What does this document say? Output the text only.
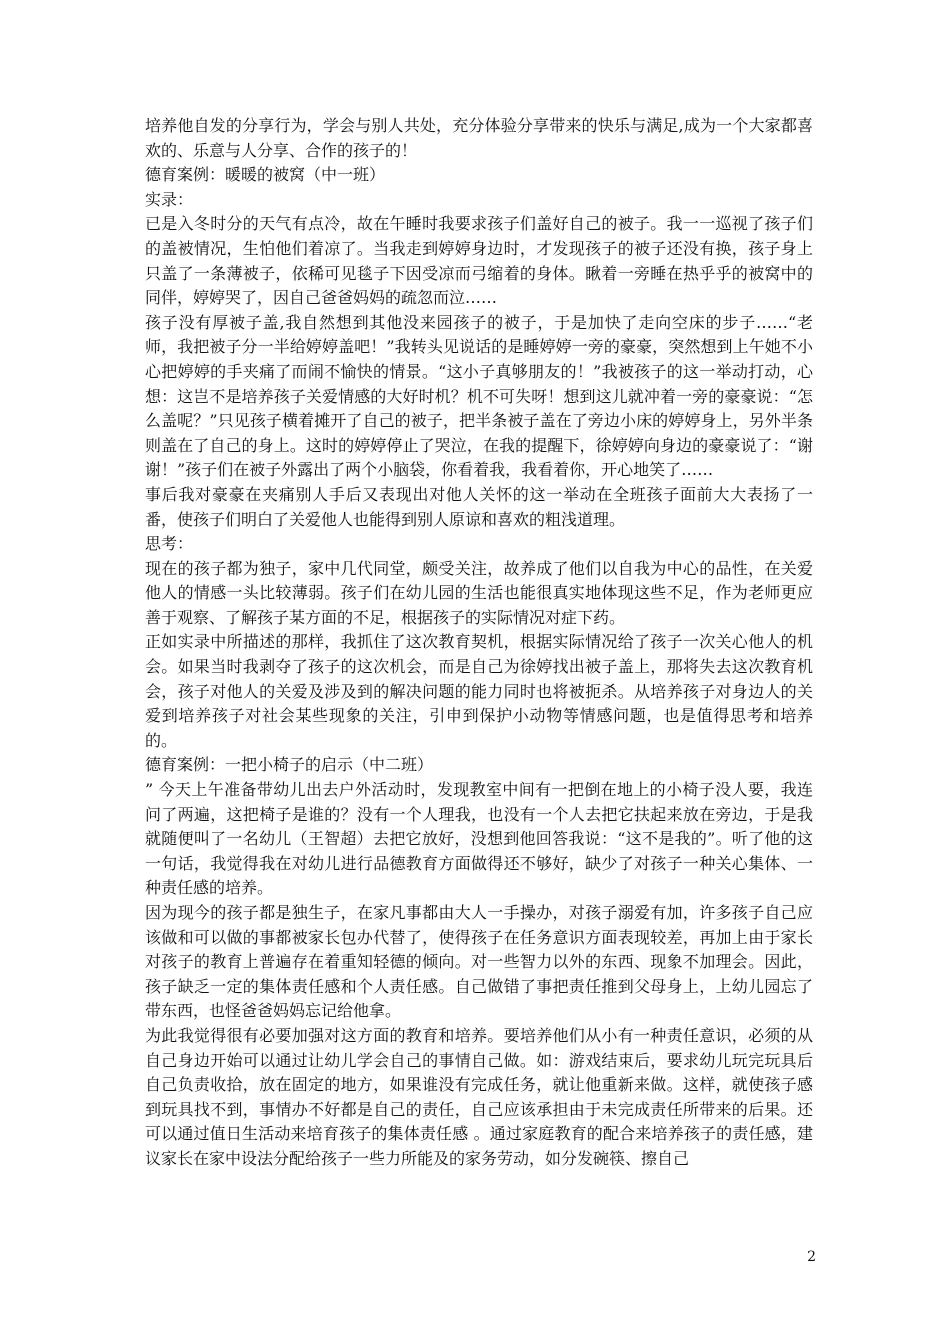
培养他自发的分享行为，学会与别人共处，充分体验分享带来的快乐与满足,成为一个大家都喜欢的、乐意与人分享、合作的孩子的！

德育案例：暖暖的被窝（中一班）

实录：

已是入冬时分的天气有点冷，故在午睡时我要求孩子们盖好自己的被子。我一一巡视了孩子们的盖被情况，生怕他们着凉了。当我走到婷婷身边时，才发现孩子的被子还没有换，孩子身上只盖了一条薄被子，依稀可见毯子下因受凉而弓缩着的身体。瞅着一旁睡在热乎乎的被窝中的同伴，婷婷哭了，因自己爸爸妈妈的疏忽而泣……

孩子没有厚被子盖,我自然想到其他没来园孩子的被子，于是加快了走向空床的步子……“老师，我把被子分一半给婷婷盖吧！”我转头见说话的是睡婷婷一旁的豪豪，突然想到上午她不小心把婷婷的手夹痛了而闹不愉快的情景。“这小子真够朋友的！”我被孩子的这一举动打动，心想：这岂不是培养孩子关爱情感的大好时机？机不可失呀！想到这儿就冲着一旁的豪豪说：“怎么盖呢？”只见孩子横着摊开了自己的被子，把半条被子盖在了旁边小床的婷婷身上，另外半条则盖在了自己的身上。这时的婷婷停止了哭泣，在我的提醒下，徐婷婷向身边的豪豪说了：“谢谢！”孩子们在被子外露出了两个小脑袋，你看着我，我看着你，开心地笑了……

事后我对豪豪在夹痛别人手后又表现出对他人关怀的这一举动在全班孩子面前大大表扬了一番，使孩子们明白了关爱他人也能得到别人原谅和喜欢的粗浅道理。

思考：

现在的孩子都为独子，家中几代同堂，颇受关注，故养成了他们以自我为中心的品性，在关爱他人的情感一头比较薄弱。孩子们在幼儿园的生活也能很真实地体现这些不足，作为老师更应善于观察、了解孩子某方面的不足，根据孩子的实际情况对症下药。

正如实录中所描述的那样，我抓住了这次教育契机，根据实际情况给了孩子一次关心他人的机会。如果当时我剥夺了孩子的这次机会，而是自己为徐婷找出被子盖上，那将失去这次教育机会，孩子对他人的关爱及涉及到的解决问题的能力同时也将被扼杀。从培养孩子对身边人的关爱到培养孩子对社会某些现象的关注，引申到保护小动物等情感问题，也是值得思考和培养的。

德育案例：一把小椅子的启示（中二班）

” 今天上午准备带幼儿出去户外活动时，发现教室中间有一把倒在地上的小椅子没人要，我连问了两遍，这把椅子是谁的？没有一个人理我，也没有一个人去把它扶起来放在旁边，于是我就随便叫了一名幼儿（王智超）去把它放好，没想到他回答我说：“这不是我的”。听了他的这一句话，我觉得我在对幼儿进行品德教育方面做得还不够好，缺少了对孩子一种关心集体、一种责任感的培养。

因为现今的孩子都是独生子，在家凡事都由大人一手操办，对孩子溺爱有加，许多孩子自己应该做和可以做的事都被家长包办代替了，使得孩子在任务意识方面表现较差，再加上由于家长对孩子的教育上普遍存在着重知轻德的倾向。对一些智力以外的东西、现象不加理会。因此，孩子缺乏一定的集体责任感和个人责任感。自己做错了事把责任推到父母身上，上幼儿园忘了带东西，也怪爸爸妈妈忘记给他拿。

为此我觉得很有必要加强对这方面的教育和培养。要培养他们从小有一种责任意识，必须的从自己身边开始可以通过让幼儿学会自己的事情自己做。如：游戏结束后，要求幼儿玩完玩具后自己负责收拾，放在固定的地方，如果谁没有完成任务，就让他重新来做。这样，就使孩子感到玩具找不到，事情办不好都是自己的责任，自己应该承担由于未完成责任所带来的后果。还可以通过值日生活动来培育孩子的集体责任感 。通过家庭教育的配合来培养孩子的责任感，建议家长在家中设法分配给孩子一些力所能及的家务劳动，如分发碗筷、擦自己

2
